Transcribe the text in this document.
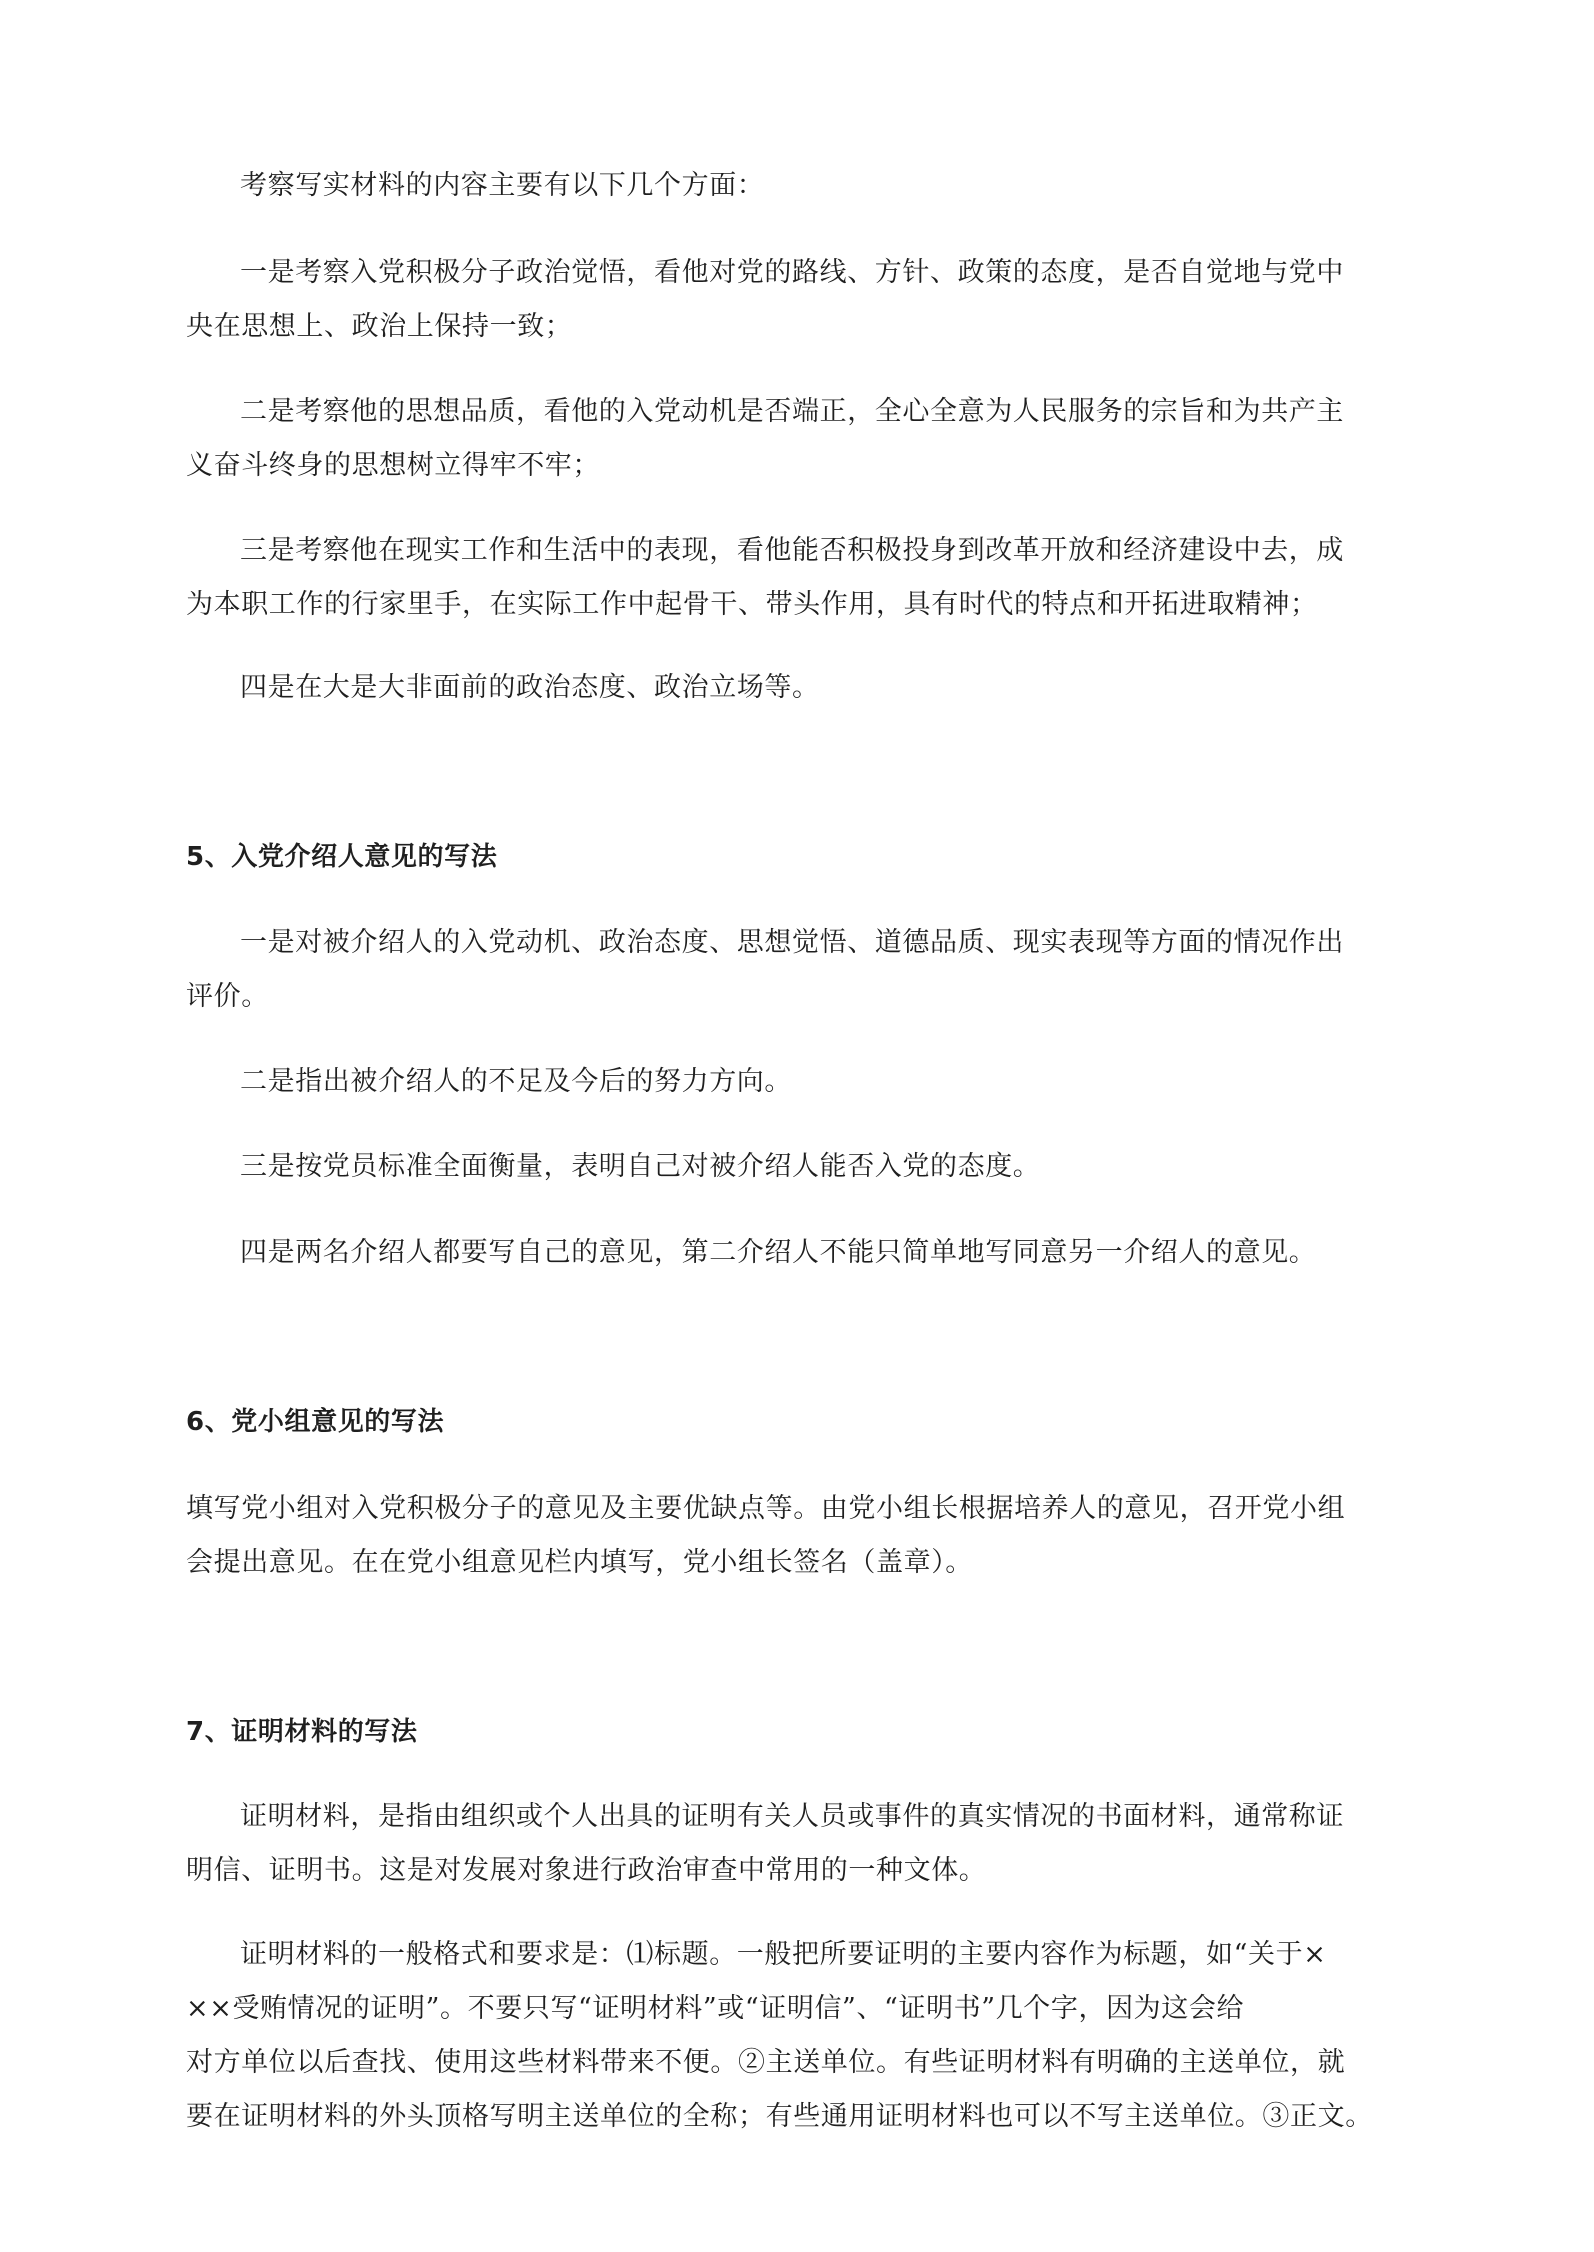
考察写实材料的内容主要有以下几个方面：

一是考察入党积极分子政治觉悟，看他对党的路线、方针、政策的态度，是否自觉地与党中

央在思想上、政治上保持一致；

二是考察他的思想品质，看他的入党动机是否端正，全心全意为人民服务的宗旨和为共产主

义奋斗终身的思想树立得牢不牢；

三是考察他在现实工作和生活中的表现，看他能否积极投身到改革开放和经济建设中去，成

为本职工作的行家里手，在实际工作中起骨干、带头作用，具有时代的特点和开拓进取精神；

四是在大是大非面前的政治态度、政治立场等。

5、入党介绍人意见的写法

一是对被介绍人的入党动机、政治态度、思想觉悟、道德品质、现实表现等方面的情况作出

评价。

二是指出被介绍人的不足及今后的努力方向。

三是按党员标准全面衡量，表明自己对被介绍人能否入党的态度。

四是两名介绍人都要写自己的意见，第二介绍人不能只简单地写同意另一介绍人的意见。

6、党小组意见的写法

填写党小组对入党积极分子的意见及主要优缺点等。由党小组长根据培养人的意见，召开党小组

会提出意见。在在党小组意见栏内填写，党小组长签名（盖章）。

7、证明材料的写法

证明材料，是指由组织或个人出具的证明有关人员或事件的真实情况的书面材料，通常称证

明信、证明书。这是对发展对象进行政治审查中常用的一种文体。

证明材料的一般格式和要求是：⑴标题。一般把所要证明的主要内容作为标题，如“关于×

××受贿情况的证明”。不要只写“证明材料”或“证明信”、“证明书”几个字，因为这会给

对方单位以后查找、使用这些材料带来不便。②主送单位。有些证明材料有明确的主送单位，就

要在证明材料的外头顶格写明主送单位的全称；有些通用证明材料也可以不写主送单位。③正文。
